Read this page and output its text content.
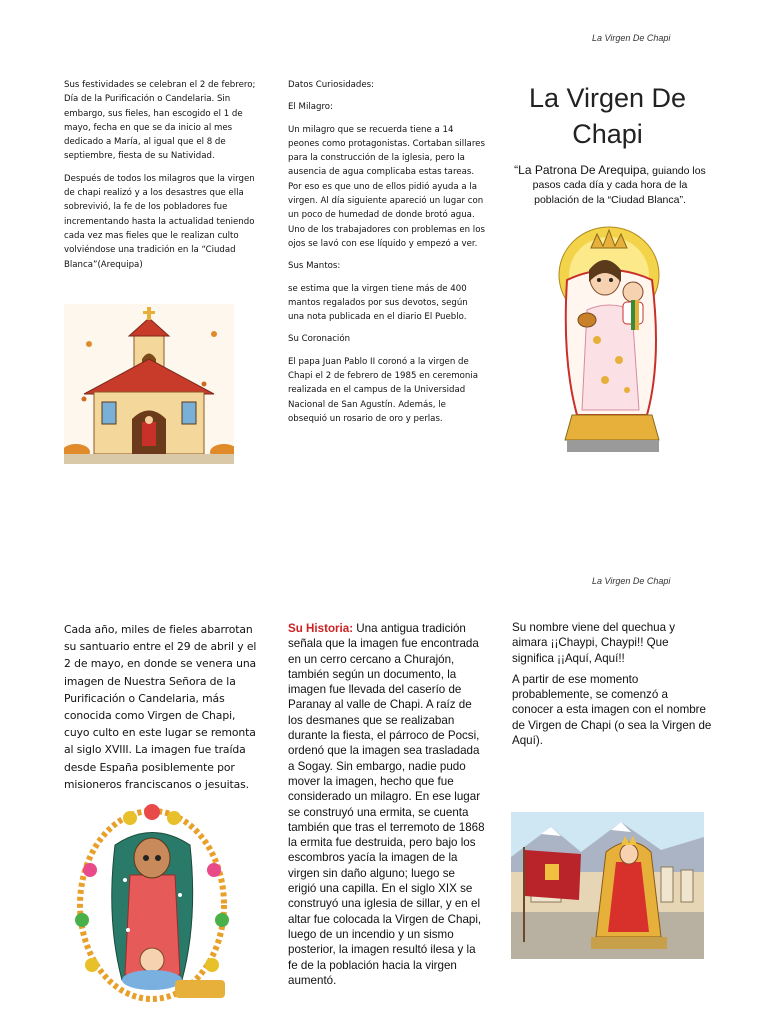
La Virgen De Chapi

Sus festividades se celebran el 2 de febrero; Día de la Purificación o Candelaria. Sin embargo, sus fieles, han escogido el 1 de mayo, fecha en que se da inicio al mes dedicado a María, al igual que el 8 de septiembre, fiesta de su Natividad.

Después de todos los milagros que la virgen de chapi realizó y a los desastres que ella sobrevivió, la fe de los pobladores fue incrementando hasta la actualidad teniendo cada vez mas fieles que le realizan culto volviéndose una tradición en la “Ciudad Blanca”(Arequipa)

Datos Curiosidades:

El Milagro:

Un milagro que se recuerda tiene a 14 peones como protagonistas. Cortaban sillares para la construcción de la iglesia, pero la ausencia de agua complicaba estas tareas. Por eso es que uno de ellos pidió ayuda a la virgen. Al día siguiente apareció un lugar con un poco de humedad de donde brotó agua. Uno de los trabajadores con problemas en los ojos se lavó con ese líquido y empezó a ver.

Sus Mantos:

se estima que la virgen tiene más de 400 mantos regalados por sus devotos, según una nota publicada en el diario El Pueblo.

Su Coronación

El papa Juan Pablo II coronó a la virgen de Chapi el 2 de febrero de 1985 en ceremonia realizada en el campus de la Universidad Nacional de San Agustín. Además, le obsequió un rosario de oro y perlas.

La Virgen De Chapi
“La Patrona De Arequipa, guiando los pasos cada día y cada hora de la población de la “Ciudad Blanca”.
La Virgen De Chapi
Cada año, miles de fieles abarrotan su santuario entre el 29 de abril y el 2 de mayo, en donde se venera una imagen de Nuestra Señora de la Purificación o Candelaria, más conocida como Virgen de Chapi, cuyo culto en este lugar se remonta al siglo XVIII. La imagen fue traída desde España posiblemente por misioneros franciscanos o jesuitas.
Su Historia: Una antigua tradición señala que la imagen fue encontrada en un cerro cercano a Churajón, también según un documento, la imagen fue llevada del caserío de Paranay al valle de Chapi. A raíz de los desmanes que se realizaban durante la fiesta, el párroco de Pocsi, ordenó que la imagen sea trasladada a Sogay. Sin embargo, nadie pudo mover la imagen, hecho que fue considerado un milagro. En ese lugar se construyó una ermita, se cuenta también que tras el terremoto de 1868 la ermita fue destruida, pero bajo los escombros yacía la imagen de la virgen sin daño alguno; luego se erigió una capilla. En el siglo XIX se construyó una iglesia de sillar, y en el altar fue colocada la Virgen de Chapi, luego de un incendio y un sismo posterior, la imagen resultó ilesa y la fe de la población hacia la virgen aumentó.

Su nombre viene del quechua y aimara ¡¡Chaypi, Chaypi!! Que significa ¡¡Aquí, Aquí!!

A partir de ese momento probablemente, se comenzó a conocer a esta imagen con el nombre de Virgen de Chapi (o sea la Virgen de Aquí).
